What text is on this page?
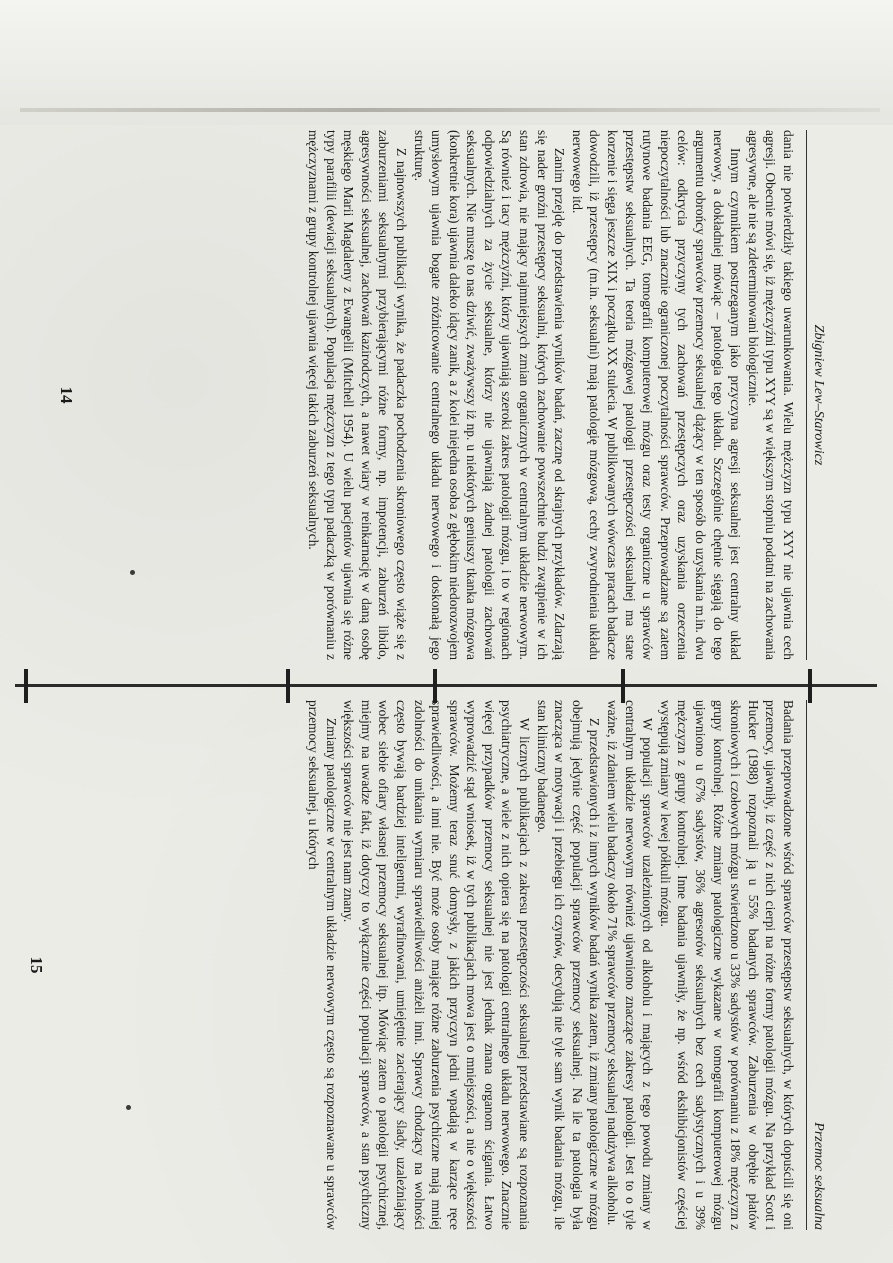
Zbigniew Lew–Starowicz

dania nie potwierdziły takiego uwarunkowania. Wielu mężczyzn typu XYY nie ujawnia cech agresji. Obecnie mówi się, iż mężczyźni typu XYY są w większym stopniu podatni na zachowania agresywne, ale nie są zdeterminowani biologicznie.

Innym czynnikiem postrzeganym jako przyczyna agresji seksualnej jest centralny układ nerwowy, a dokładniej mówiąc – patologia tego układu. Szczególnie chętnie sięgają do tego argumentu obrońcy sprawców przemocy seksualnej dążący w ten sposób do uzyskania m.in. dwu celów: odkrycia przyczyny tych zachowań przestępczych oraz uzyskania orzeczenia niepoczytalności lub znacznie ograniczonej poczytalności sprawców. Przeprowadzane są zatem rutynowe badania EEG, tomografii komputerowej mózgu oraz testy organiczne u sprawców przestępstw seksualnych. Ta teoria mózgowej patologii przestępczości seksualnej ma stare korzenie i sięga jeszcze XIX i początku XX stulecia. W publikowanych wówczas pracach badacze dowodzili, iż przestępcy (m.in. seksualni) mają patologię mózgową, cechy zwyrodnienia układu nerwowego itd.

Zanim przejdę do przedstawienia wyników badań, zacznę od skrajnych przykładów. Zdarzają się nader groźni przestępcy seksualni, których zachowanie powszechnie budzi zwątpienie w ich stan zdrowia, nie mający najmniejszych zmian organicznych w centralnym układzie nerwowym. Są również i tacy mężczyźni, którzy ujawniają szeroki zakres patologii mózgu, i to w regionach odpowiedzialnych za życie seksualne, którzy nie ujawniają żadnej patologii zachowań seksualnych. Nie muszę to nas dziwić, zważywszy iż np. u niektórych geniuszy tkanka mózgowa (konkretnie kora) ujawnia daleko idący zanik, a z kolei niejedna osoba z głębokim niedorozwojem umysłowym ujawnia bogate zróżnicowanie centralnego układu nerwowego i doskonałą jego strukturę.

Z najnowszych publikacji wynika, że padaczka pochodzenia skroniowego często wiąże się z zaburzeniami seksualnymi przybierającymi różne formy, np. impotencji, zaburzeń libido, agresywności seksualnej, zachowań kazirodczych, a nawet wiary w reinkarnację w daną osobę męskiego Marii Magdaleny z Ewangelii (Mitchell 1954). U wielu pacjentów ujawnia się różne typy parafilii (dewiacji seksualnych). Populacja mężczyzn z tego typu padaczką w porównaniu z mężczyznami z grupy kontrolnej ujawnia więcej takich zaburzeń seksualnych.

14
Przemoc seksualna

Badania przeprowadzone wśród sprawców przestępstw seksualnych, w których dopuścili się oni przemocy, ujawniły, iż część z nich cierpi na różne formy patologii mózgu. Na przykład Scott i Hucker (1988) rozpoznali ją u 55% badanych sprawców. Zaburzenia w obrębie płatów skroniowych i czołowych mózgu stwierdzono u 33% sadystów w porównaniu z 18% mężczyzn z grupy kontrolnej. Różne zmiany patologiczne wykazane w tomografii komputerowej mózgu ujawniono u 67% sadystów, 36% agresorów seksualnych bez cech sadystycznych i u 39% mężczyzn z grupy kontrolnej. Inne badania ujawniły, że np. wśród ekshibicjonistów częściej występują zmiany w lewej półkuli mózgu.

W populacji sprawców uzależnionych od alkoholu i mających z tego powodu zmiany w centralnym układzie nerwowym również ujawniono znaczące zakresy patologii. Jest to o tyle ważne, iż zdaniem wielu badaczy około 71% sprawców przemocy seksualnej nadużywa alkoholu.

Z przedstawionych i z innych wyników badań wynika zatem, iż zmiany patologiczne w mózgu obejmują jedynie część populacji sprawców przemocy seksualnej. Na ile ta patologia była znacząca w motywacji i przebiegu ich czynów, decydują nie tyle sam wynik badania mózgu, ile stan kliniczny badanego.

W licznych publikacjach z zakresu przestępczości seksualnej przedstawiane są rozpoznania psychiatryczne, a wiele z nich opiera się na patologii centralnego układu nerwowego. Znacznie więcej przypadków przemocy seksualnej nie jest jednak znana organom ścigania. Łatwo wyprowadzić stąd wniosek, iż w tych publikacjach mowa jest o mniejszości, a nie o większości sprawców. Możemy teraz snuć domysły, z jakich przyczyn jedni wpadają w karzące ręce sprawiedliwości, a inni nie. Być może osoby mające różne zaburzenia psychiczne mają mniej zdolności do unikania wymiaru sprawiedliwości aniżeli inni. Sprawcy chodzący na wolności często bywają bardziej inteligentni, wyrafinowani, umiejętnie zacierający ślady, uzależniający wobec siebie ofiary własnej przemocy seksualnej itp. Mówiąc zatem o patologii psychicznej, miejmy na uwadze fakt, iż dotyczy to wyłącznie części populacji sprawców, a stan psychiczny większości sprawców nie jest nam znany.

Zmiany patologiczne w centralnym układzie nerwowym często są rozpoznawane u sprawców przemocy seksualnej, u których

15
